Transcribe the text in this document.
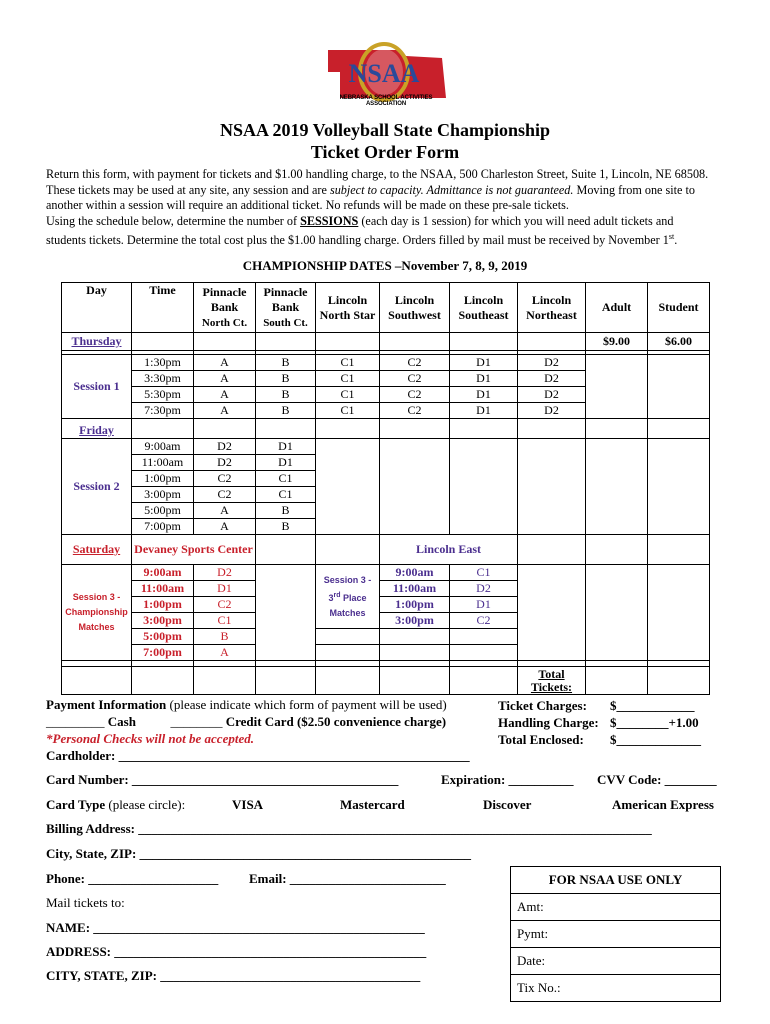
NSAA
NEBRASKA SCHOOL ACTIVITIES ASSOCIATION
NSAA 2019 Volleyball State Championship
Ticket Order Form

Return this form, with payment for tickets and $1.00 handling charge, to the NSAA, 500 Charleston Street, Suite 1, Lincoln, NE 68508. These tickets may be used at any site, any session and are subject to capacity. Admittance is not guaranteed. Moving from one site to another within a session will require an additional ticket. No refunds will be made on these pre-sale tickets.

Using the schedule below, determine the number of SESSIONS (each day is 1 session) for which you will need adult tickets and students tickets. Determine the total cost plus the $1.00 handling charge. Orders filled by mail must be received by November 1st.

CHAMPIONSHIP DATES –November 7, 8, 9, 2019
Day	Time	Pinnacle Bank
North Ct.	Pinnacle Bank
South Ct.	Lincoln North Star	Lincoln Southwest	Lincoln Southeast	Lincoln Northeast	Adult	Student
Thursday								$9.00	$6.00

Session 1	1:30pm	A	B	C1	C2	D1	D2		
	3:30pm	A	B	C1	C2	D1	D2		
	5:30pm	A	B	C1	C2	D1	D2		
	7:30pm	A	B	C1	C2	D1	D2		
Friday									
Session 2	9:00am	D2	D1						
	11:00am	D2	D1						
	1:00pm	C2	C1						
	3:00pm	C2	C1						
	5:00pm	A	B						
	7:00pm	A	B						
Saturday	Devaney Sports Center				Lincoln East				
Session 3 - Championship Matches	9:00am	D2		Session 3 - 3rd Place Matches	9:00am	C1			
	11:00am	D1			11:00am	D2			
	1:00pm	C2			1:00pm	D1			
	3:00pm	C1			3:00pm	C2			
	5:00pm	B							
	7:00pm	A							

							Total Tickets:		
Payment Information (please indicate which form of payment will be used)
_________ Cash	________ Credit Card ($2.50 convenience charge)
*Personal Checks will not be accepted.
Cardholder: ______________________________________________________
Ticket Charges: $____________
Handling Charge: $________+1.00
Total Enclosed: $_____________
Card Number: _________________________________________	Expiration: __________ CVV Code: ________
Card Type (please circle):	VISA	Mastercard	Discover	American Express
Billing Address: _______________________________________________________________________________
City, State, ZIP: ___________________________________________________
Phone: ____________________ Email: ________________________
Mail tickets to:
NAME: ___________________________________________________
ADDRESS: ________________________________________________
CITY, STATE, ZIP: ________________________________________
FOR NSAA USE ONLY
Amt:
Pymt:
Date:
Tix No.:
